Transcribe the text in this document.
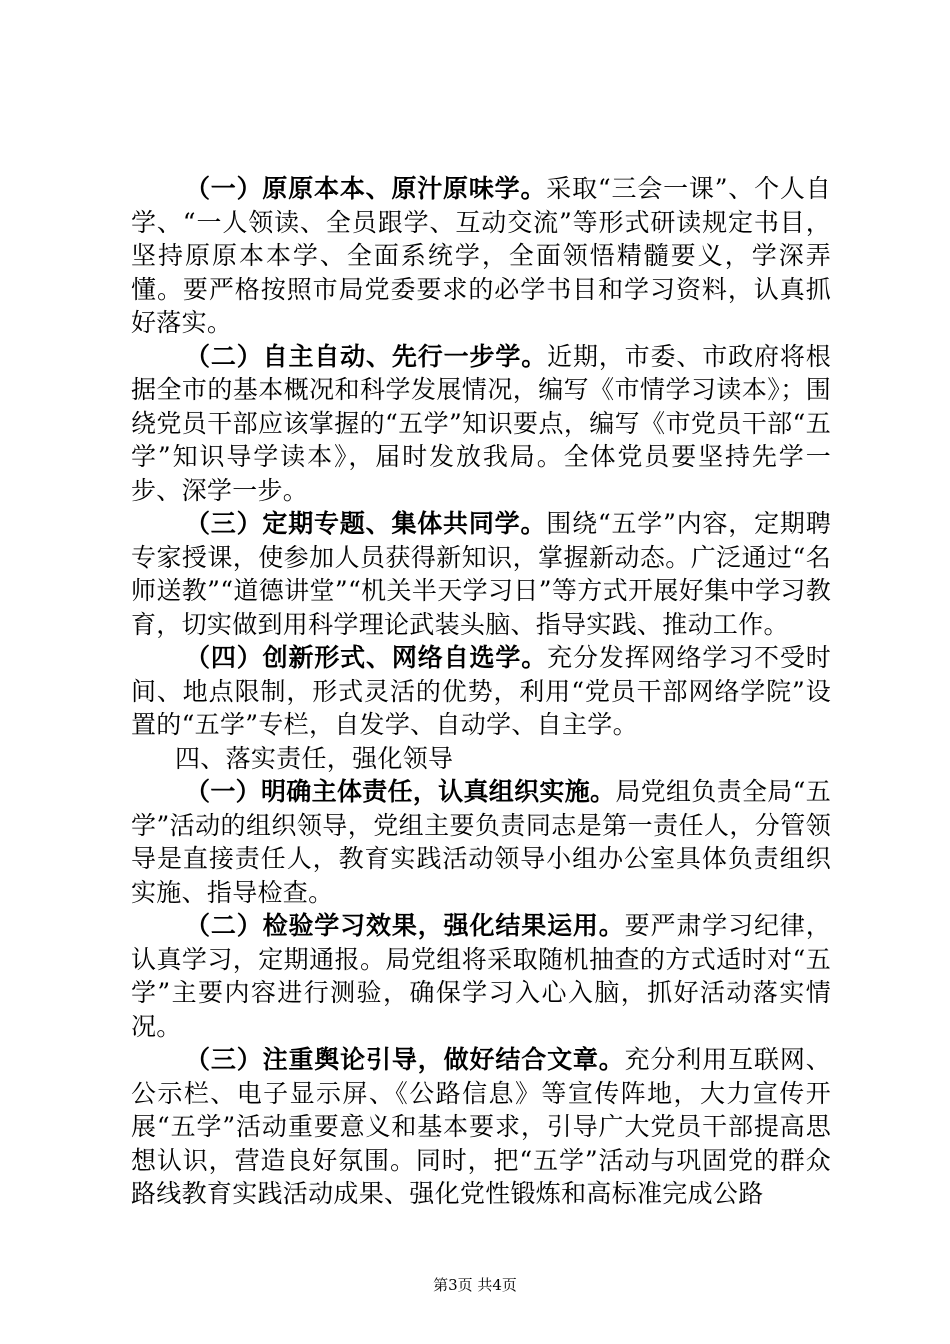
（一）原原本本、原汁原味学。采取“三会一课”、个人自学、“一人领读、全员跟学、互动交流”等形式研读规定书目，坚持原原本本学、全面系统学，全面领悟精髓要义，学深弄懂。要严格按照市局党委要求的必学书目和学习资料，认真抓好落实。

（二）自主自动、先行一步学。近期，市委、市政府将根据全市的基本概况和科学发展情况，编写《市情学习读本》；围绕党员干部应该掌握的“五学”知识要点，编写《市党员干部“五学”知识导学读本》，届时发放我局。全体党员要坚持先学一步、深学一步。

（三）定期专题、集体共同学。围绕“五学”内容，定期聘专家授课，使参加人员获得新知识，掌握新动态。广泛通过“名师送教”“道德讲堂”“机关半天学习日”等方式开展好集中学习教育，切实做到用科学理论武装头脑、指导实践、推动工作。

（四）创新形式、网络自选学。充分发挥网络学习不受时间、地点限制，形式灵活的优势，利用“党员干部网络学院”设置的“五学”专栏，自发学、自动学、自主学。

四、落实责任，强化领导

（一）明确主体责任，认真组织实施。局党组负责全局“五学”活动的组织领导，党组主要负责同志是第一责任人，分管领导是直接责任人，教育实践活动领导小组办公室具体负责组织实施、指导检查。

（二）检验学习效果，强化结果运用。要严肃学习纪律，认真学习，定期通报。局党组将采取随机抽查的方式适时对“五学”主要内容进行测验，确保学习入心入脑，抓好活动落实情况。

（三）注重舆论引导，做好结合文章。充分利用互联网、公示栏、电子显示屏、《公路信息》等宣传阵地，大力宣传开展“五学”活动重要意义和基本要求，引导广大党员干部提高思想认识，营造良好氛围。同时，把“五学”活动与巩固党的群众路线教育实践活动成果、强化党性锻炼和高标准完成公路

第3页 共4页
